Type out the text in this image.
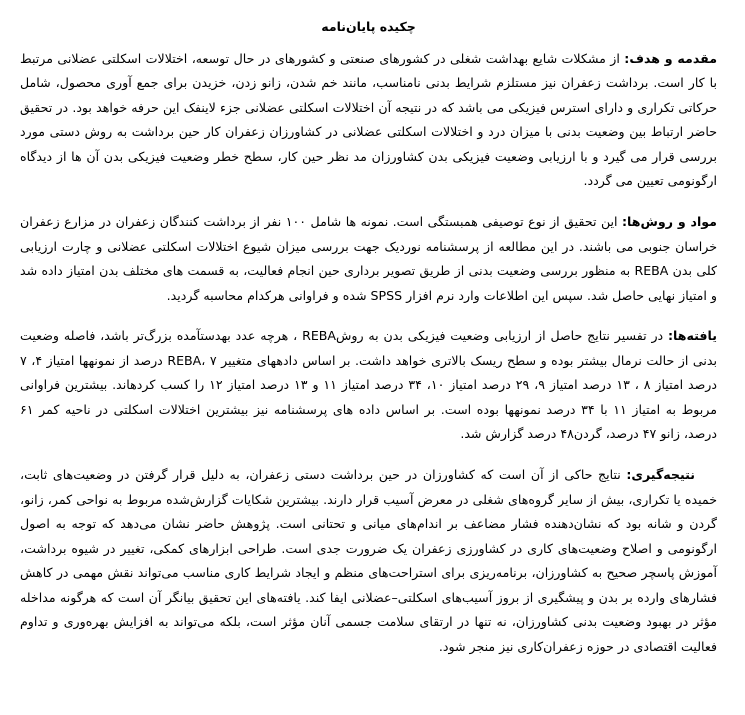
چکیده پایان‌نامه

مقدمه و هدف: از مشکلات شایع بهداشت شغلی در کشورهای صنعتی و کشورهای در حال توسعه، اختلالات اسکلتی عضلانی مرتبط با کار است. برداشت زعفران نیز مستلزم شرایط بدنی نامناسب، مانند خم شدن، زانو زدن، خزیدن برای جمع آوری محصول، شامل حرکاتی تکراری و دارای استرس فیزیکی می باشد که در نتیجه آن اختلالات اسکلتی عضلانی جزء لاینفک این حرفه خواهد بود. در تحقیق حاضر ارتباط بین وضعیت بدنی با میزان درد و اختلالات اسکلتی عضلانی در کشاورزان زعفران کار حین برداشت به روش دستی مورد بررسی قرار می گیرد و با ارزیابی وضعیت فیزیکی بدن کشاورزان مد نظر حین کار، سطح خطر وضعیت فیزیکی بدن آن ها از دیدگاه ارگونومی تعیین می گردد.

مواد و روش‌ها: این تحقیق از نوع توصیفی همبستگی است. نمونه ها شامل ۱۰۰ نفر از برداشت کنندگان زعفران در مزارع زعفران خراسان جنوبی می باشند. در این مطالعه از پرسشنامه نوردیک جهت بررسی میزان شیوع اختلالات اسکلتی عضلانی و چارت ارزیابی کلی بدن REBA به منظور بررسی وضعیت بدنی از طریق تصویر برداری حین انجام فعالیت، به قسمت های مختلف بدن امتیاز داده شد و امتیاز نهایی حاصل شد. سپس این اطلاعات وارد نرم افزار SPSS شده و فراوانی هرکدام محاسبه گردید.

یافته‌ها: در تفسیر نتایج حاصل از ارزیابی وضعیت فیزیکی بدن به روشREBA ، هرچه عدد بهدستآمده بزرگ‌تر باشد، فاصله وضعیت بدنی از حالت نرمال بیشتر بوده و سطح ریسک بالاتری خواهد داشت. بر اساس دادههای متغییر REBA، ۷ درصد از نمونهها امتیاز ۴، ۷ درصد امتیاز ۸ ، ۱۳ درصد امتیاز ۹، ۲۹ درصد امتیاز ۱۰، ۳۴ درصد امتیاز ۱۱ و ۱۳ درصد امتیاز ۱۲ را کسب کردهاند. بیشترین فراوانی مربوط به امتیاز ۱۱ با ۳۴ درصد نمونهها بوده است. بر اساس داده های پرسشنامه نیز بیشترین اختلالات اسکلتی در ناحیه کمر ۶۱ درصد، زانو ۴۷ درصد، گردن۴۸ درصد گزارش شد.

نتیجه‌گیری: نتایج حاکی از آن است که کشاورزان در حین برداشت دستی زعفران، به دلیل قرار گرفتن در وضعیت‌های ثابت، خمیده یا تکراری، بیش از سایر گروه‌های شغلی در معرض آسیب قرار دارند. بیشترین شکایات گزارش‌شده مربوط به نواحی کمر، زانو، گردن و شانه بود که نشان‌دهنده فشار مضاعف بر اندام‌های میانی و تحتانی است. پژوهش حاضر نشان می‌دهد که توجه به اصول ارگونومی و اصلاح وضعیت‌های کاری در کشاورزی زعفران یک ضرورت جدی است. طراحی ابزارهای کمکی، تغییر در شیوه برداشت، آموزش پاسچر صحیح به کشاورزان، برنامه‌ریزی برای استراحت‌های منظم و ایجاد شرایط کاری مناسب می‌تواند نقش مهمی در کاهش فشارهای وارده بر بدن و پیشگیری از بروز آسیب‌های اسکلتی–عضلانی ایفا کند. یافته‌های این تحقیق بیانگر آن است که هرگونه مداخله مؤثر در بهبود وضعیت بدنی کشاورزان، نه تنها در ارتقای سلامت جسمی آنان مؤثر است، بلکه می‌تواند به افزایش بهره‌وری و تداوم فعالیت اقتصادی در حوزه زعفران‌کاری نیز منجر شود.
